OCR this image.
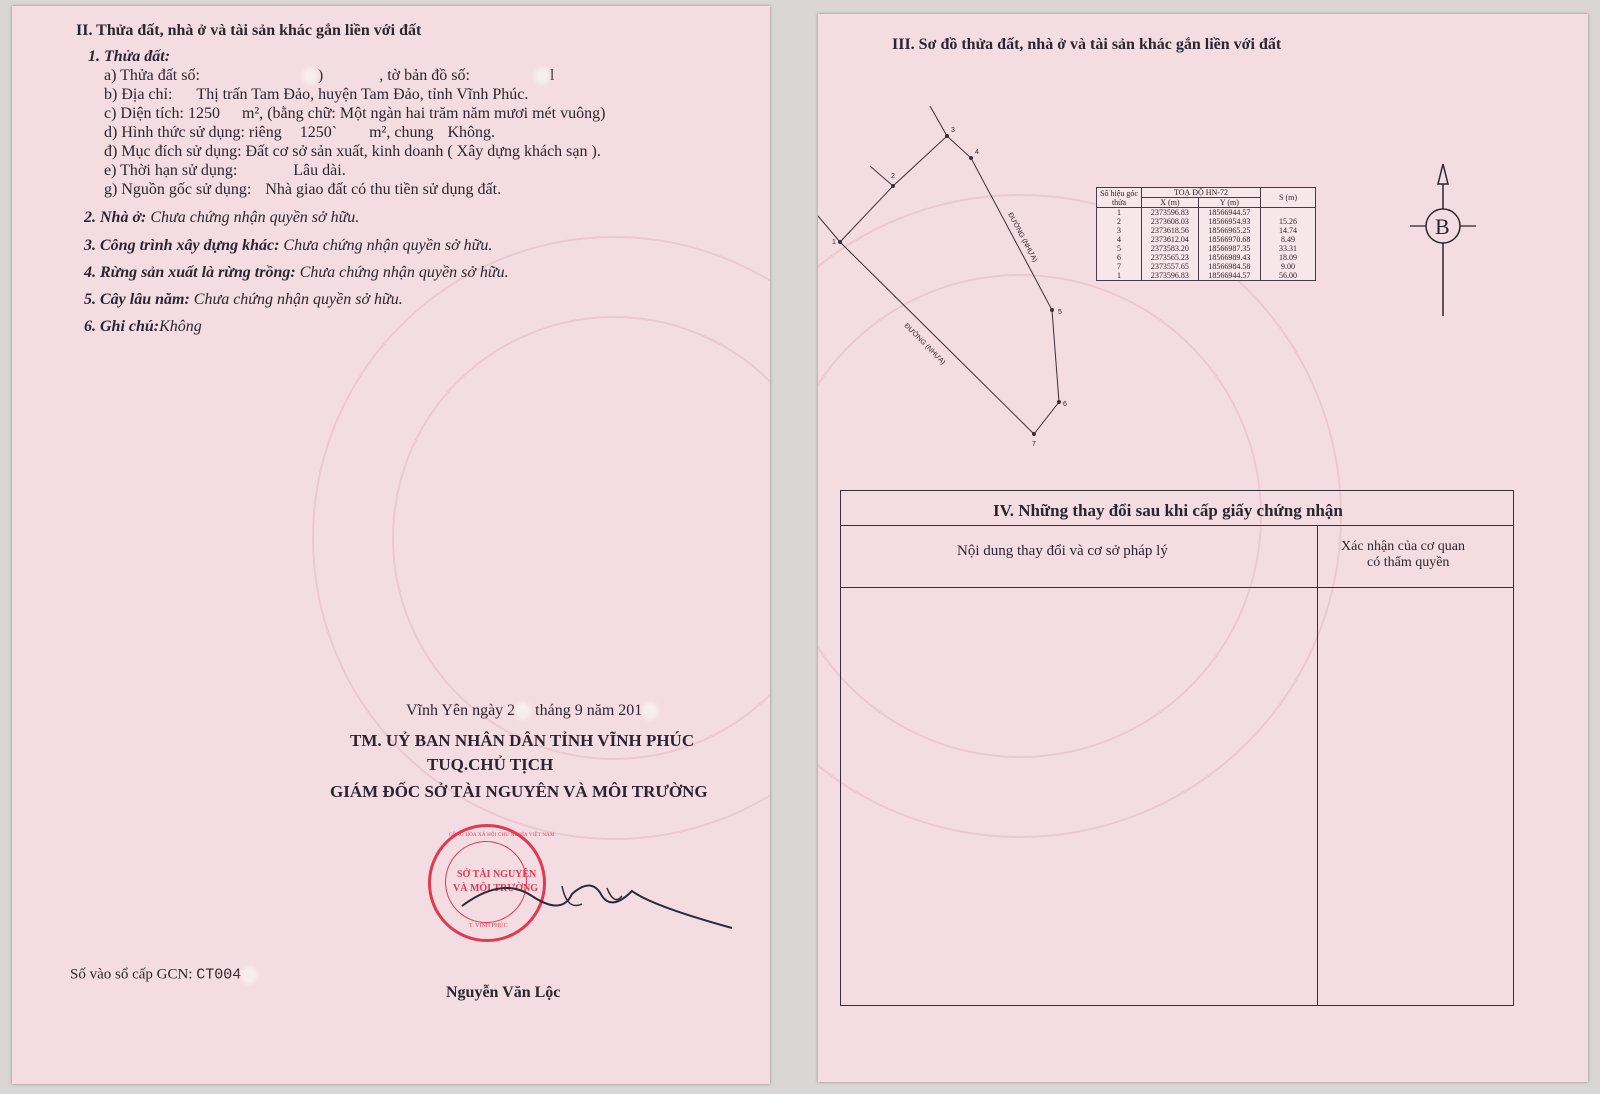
II. Thửa đất, nhà ở và tài sản khác gắn liền với đất
1. Thửa đất:
a) Thửa đất số:	)	, tờ bản đồ số:	l
b) Địa chỉ: Thị trấn Tam Đảo, huyện Tam Đảo, tỉnh Vĩnh Phúc.
c) Diện tích: 1250 m², (bằng chữ: Một ngàn hai trăm năm mươi mét vuông)
d) Hình thức sử dụng: riêng 1250` m², chung Không.
đ) Mục đích sử dụng: Đất cơ sở sản xuất, kinh doanh ( Xây dựng khách sạn ).
e) Thời hạn sử dụng:	Lâu dài.
g) Nguồn gốc sử dụng: Nhà giao đất có thu tiền sử dụng đất.
2. Nhà ở: Chưa chứng nhận quyền sở hữu.
3. Công trình xây dựng khác: Chưa chứng nhận quyền sở hữu.
4. Rừng sản xuất là rừng trồng: Chưa chứng nhận quyền sở hữu.
5. Cây lâu năm: Chưa chứng nhận quyền sở hữu.
6. Ghi chú:Không
Vĩnh Yên ngày 2 tháng 9 năm 201
TM. UỶ BAN NHÂN DÂN TỈNH VĨNH PHÚC
TUQ.CHỦ TỊCH
GIÁM ĐỐC SỞ TÀI NGUYÊN VÀ MÔI TRƯỜNG
CỘNG HÒA XÃ HỘI CHỦ NGHĨA VIỆT NAM
SỞ TÀI NGUYÊN
VÀ MÔI TRƯỜNG
T. VĨNH PHÚC
Số vào sổ cấp GCN: CT004
Nguyễn Văn Lộc
III. Sơ đồ thửa đất, nhà ở và tài sản khác gắn liền với đất
1
2
3
4
5
6
7
ĐƯỜNG (NHỰA)
ĐƯỜNG (NHỰA)
Số hiệu góc thửa	TOẠ ĐỘ HN-72		S (m)
	X (m)	Y (m)	
1	2373596.83	18566944.57	
2	2373608.03	18566954.93	15.26
3	2373618.56	18566965.25	14.74
4	2373612.04	18566970.68	8.49
5	2373583.20	18566987.35	33.31
6	2373565.23	18566989.43	18.09
7	2373557.65	18566984.58	9.00
1	2373596.83	18566944.57	56.00
B
IV. Những thay đổi sau khi cấp giấy chứng nhận
Nội dung thay đổi và cơ sở pháp lý	Xác nhận của cơ quan
có thẩm quyền
